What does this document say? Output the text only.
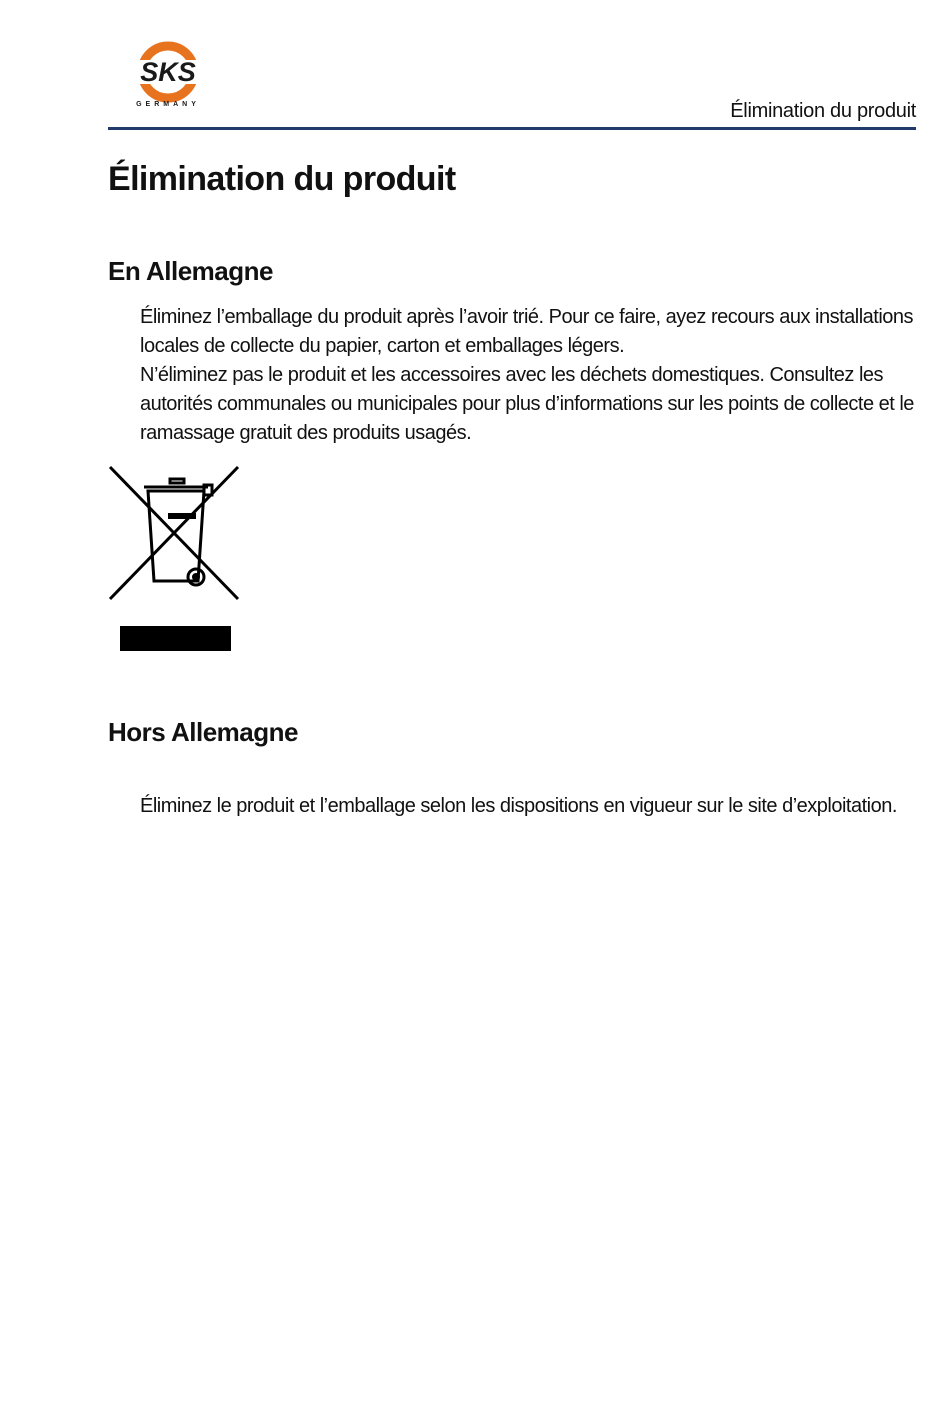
SKS
GERMANY	Élimination du produit
Élimination du produit
En Allemagne

Éliminez l’emballage du produit après l’avoir trié. Pour ce faire, ayez recours aux installations locales de collecte du papier, carton et emballages légers.

N’éliminez pas le produit et les accessoires avec les déchets domestiques. Consultez les autorités communales ou municipales pour plus d’informations sur les points de collecte et le ramassage gratuit des produits usagés.

Hors Allemagne

Éliminez le produit et l’emballage selon les dispositions en vigueur sur le site d’exploitation.
